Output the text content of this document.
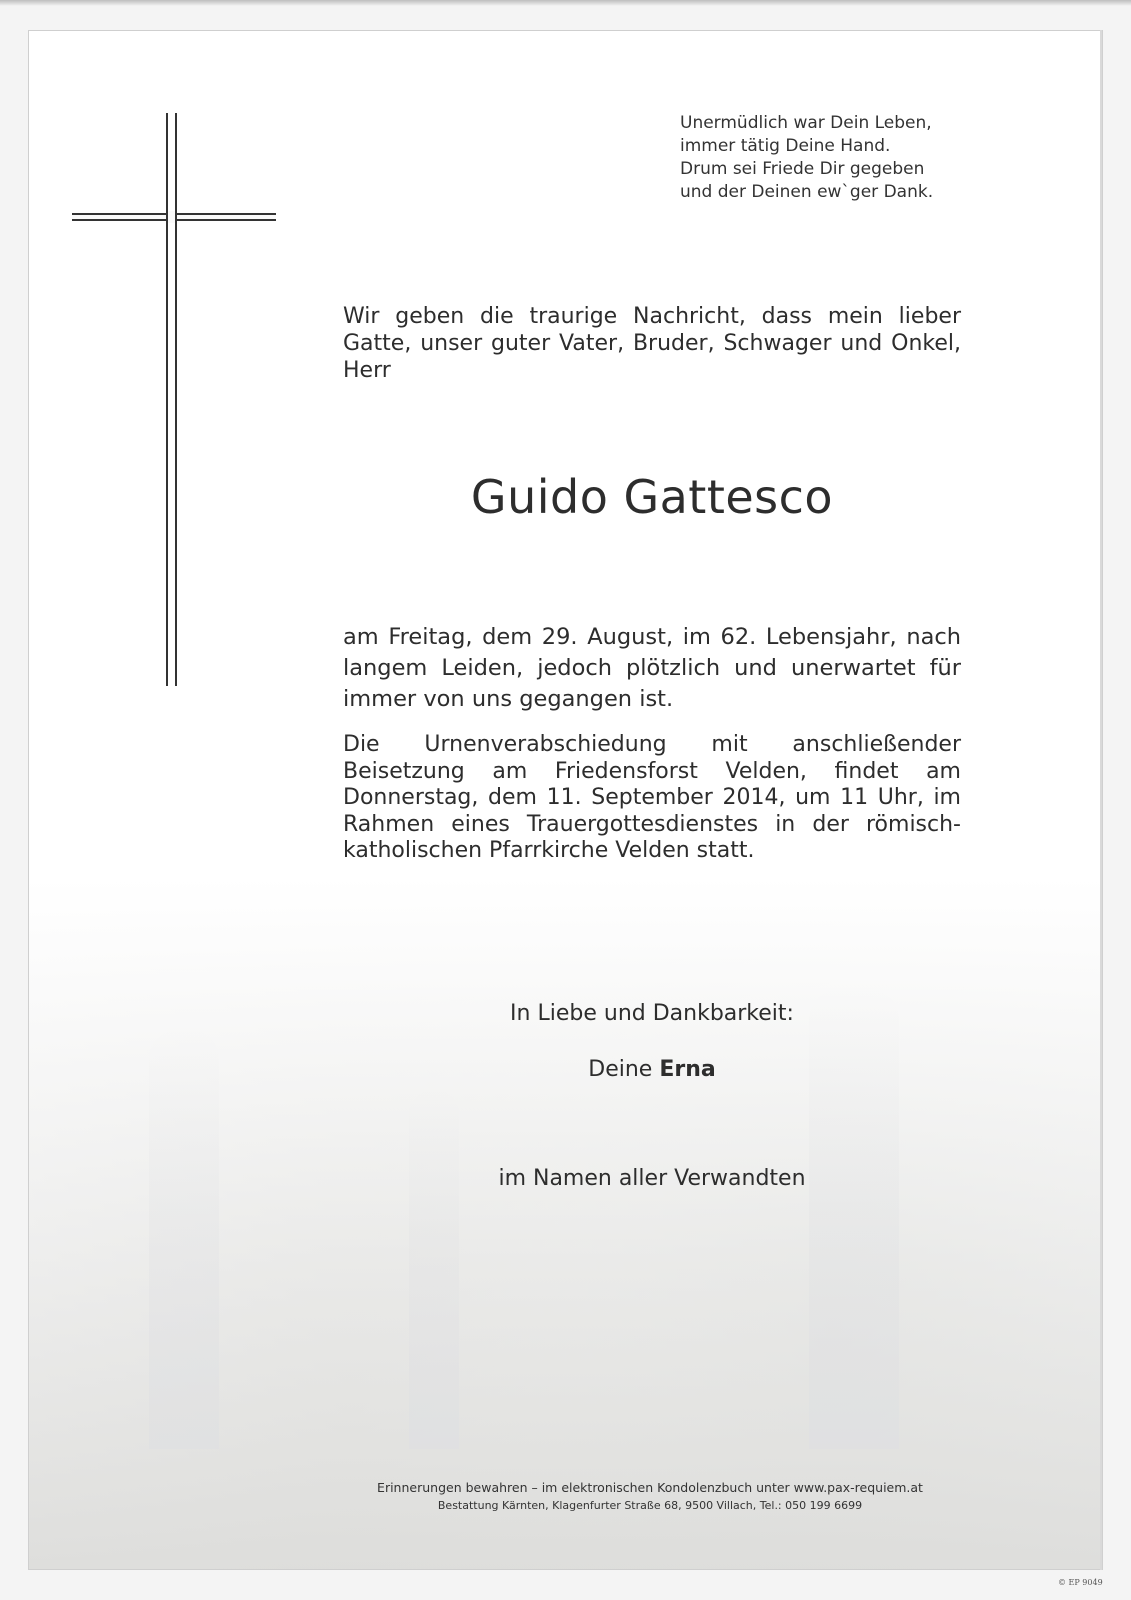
Unermüdlich war Dein Leben,
immer tätig Deine Hand.
Drum sei Friede Dir gegeben
und der Deinen ew`ger Dank.
Wir geben die traurige Nachricht, dass mein lieber Gatte, unser guter Vater, Bruder, Schwager und Onkel, Herr
Guido Gattesco
am Freitag, dem 29. August, im 62. Lebensjahr, nach langem Leiden, jedoch plötzlich und unerwartet für immer von uns gegangen ist.
Die Urnenverabschiedung mit anschließender Beisetzung am Friedensforst Velden, findet am Donnerstag, dem 11. September 2014, um 11 Uhr, im Rahmen eines Trauergottesdienstes in der römisch-katholischen Pfarrkirche Velden statt.
In Liebe und Dankbarkeit:
Deine Erna
im Namen aller Verwandten
Erinnerungen bewahren – im elektronischen Kondolenzbuch unter www.pax-requiem.at
Bestattung Kärnten, Klagenfurter Straße 68, 9500 Villach, Tel.: 050 199 6699
© EP 9049
